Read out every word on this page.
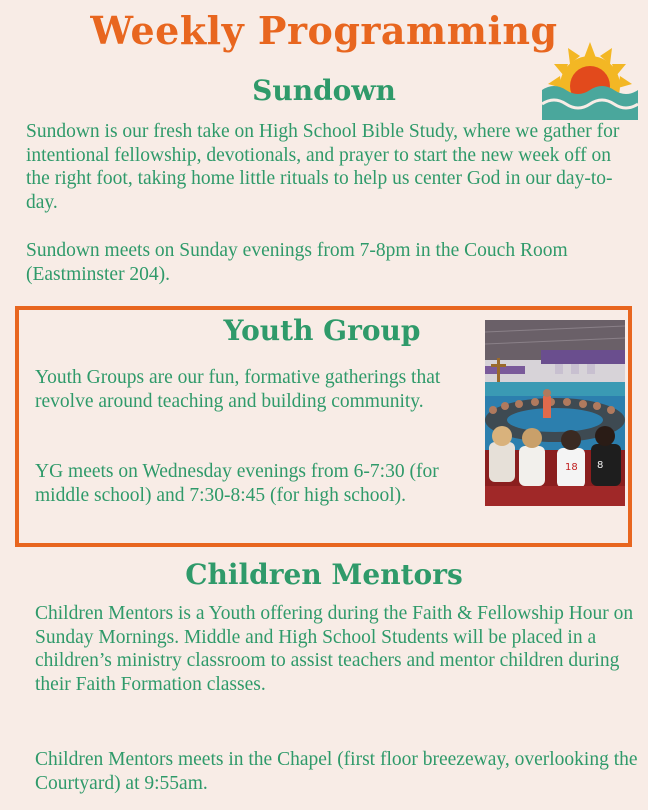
Weekly Programming
Sundown

Sundown is our fresh take on High School Bible Study, where we gather for intentional fellowship, devotionals, and prayer to start the new week off on the right foot, taking home little rituals to help us center God in our day-to-day.

Sundown meets on Sunday evenings from 7-8pm in the Couch Room (Eastminster 204).

Youth Group

Youth Groups are our fun, formative gatherings that revolve around teaching and building community.

YG meets on Wednesday evenings from 6-7:30 (for middle school) and 7:30-8:45 (for high school).

18 8
Children Mentors

Children Mentors is a Youth offering during the Faith & Fellowship Hour on Sunday Mornings. Middle and High School Students will be placed in a children’s ministry classroom to assist teachers and mentor children during their Faith Formation classes.

Children Mentors meets in the Chapel (first floor breezeway, overlooking the Courtyard) at 9:55am.
